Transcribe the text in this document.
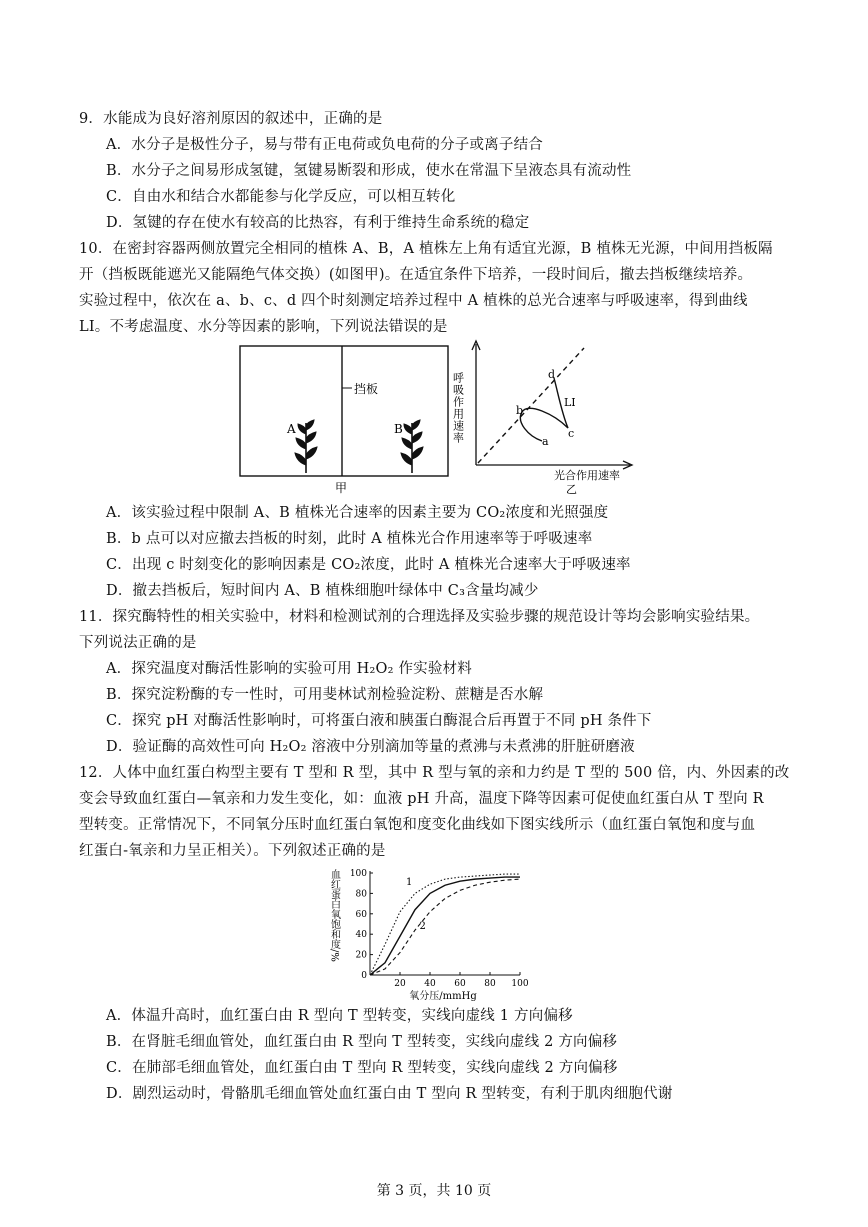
9．水能成为良好溶剂原因的叙述中，正确的是
A．水分子是极性分子，易与带有正电荷或负电荷的分子或离子结合
B．水分子之间易形成氢键，氢键易断裂和形成，使水在常温下呈液态具有流动性
C．自由水和结合水都能参与化学反应，可以相互转化
D．氢键的存在使水有较高的比热容，有利于维持生命系统的稳定
10．在密封容器两侧放置完全相同的植株 A、B，A 植株左上角有适宜光源，B 植株无光源，中间用挡板隔
开（挡板既能遮光又能隔绝气体交换）(如图甲)。在适宜条件下培养，一段时间后，撤去挡板继续培养。
实验过程中，依次在 a、b、c、d 四个时刻测定培养过程中 A 植株的总光合速率与呼吸速率，得到曲线
LI。不考虑温度、水分等因素的影响，下列说法错误的是
挡板
A	B
甲
a
b
c
d
LI
呼吸作用速率
光合作用速率
乙
A．该实验过程中限制 A、B 植株光合速率的因素主要为 CO₂浓度和光照强度
B．b 点可以对应撤去挡板的时刻，此时 A 植株光合作用速率等于呼吸速率
C．出现 c 时刻变化的影响因素是 CO₂浓度，此时 A 植株光合速率大于呼吸速率
D．撤去挡板后，短时间内 A、B 植株细胞叶绿体中 C₃含量均减少
11．探究酶特性的相关实验中，材料和检测试剂的合理选择及实验步骤的规范设计等均会影响实验结果。
下列说法正确的是
A．探究温度对酶活性影响的实验可用 H₂O₂ 作实验材料
B．探究淀粉酶的专一性时，可用斐林试剂检验淀粉、蔗糖是否水解
C．探究 pH 对酶活性影响时，可将蛋白液和胰蛋白酶混合后再置于不同 pH 条件下
D．验证酶的高效性可向 H₂O₂ 溶液中分别滴加等量的煮沸与未煮沸的肝脏研磨液
12．人体中血红蛋白构型主要有 T 型和 R 型，其中 R 型与氧的亲和力约是 T 型的 500 倍，内、外因素的改
变会导致血红蛋白—氧亲和力发生变化，如：血液 pH 升高，温度下降等因素可促使血红蛋白从 T 型向 R
型转变。正常情况下，不同氧分压时血红蛋白氧饱和度变化曲线如下图实线所示（血红蛋白氧饱和度与血
红蛋白-氧亲和力呈正相关）。下列叙述正确的是
血红蛋白氧饱和度/%
氧分压/mmHg
20 40 60 80 100
0
20
40
60
80
100
1
2
A．体温升高时，血红蛋白由 R 型向 T 型转变，实线向虚线 1 方向偏移
B．在肾脏毛细血管处，血红蛋白由 R 型向 T 型转变，实线向虚线 2 方向偏移
C．在肺部毛细血管处，血红蛋白由 T 型向 R 型转变，实线向虚线 2 方向偏移
D．剧烈运动时，骨骼肌毛细血管处血红蛋白由 T 型向 R 型转变，有利于肌肉细胞代谢
第 3 页，共 10 页
